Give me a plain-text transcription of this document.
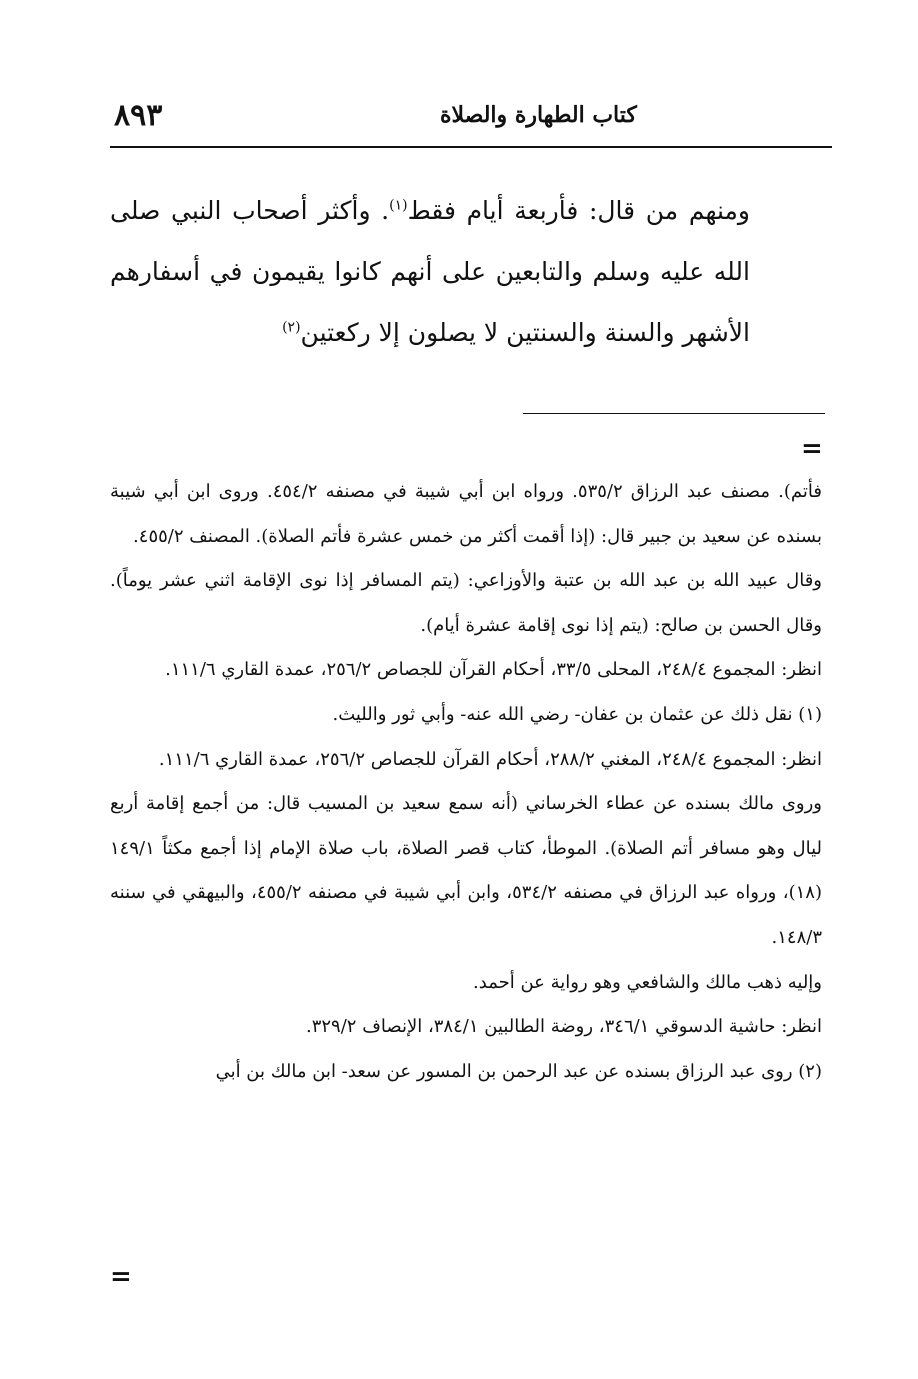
٨٩٣	كتاب الطهارة والصلاة

ومنهم من قال: فأربعة أيام فقط$^{(١)}$. وأكثر أصحاب النبي صلى الله عليه وسلم والتابعين على أنهم كانوا يقيمون في أسفارهم الأشهر والسنة والسنتين لا يصلون إلا ركعتين$^{(٢)}$

=

فأتم). مصنف عبد الرزاق ٥٣٥/٢. ورواه ابن أبي شيبة في مصنفه ٤٥٤/٢. وروى ابن أبي شيبة بسنده عن سعيد بن جبير قال: (إذا أقمت أكثر من خمس عشرة فأتم الصلاة). المصنف ٤٥٥/٢.

وقال عبيد الله بن عبد الله بن عتبة والأوزاعي: (يتم المسافر إذا نوى الإقامة اثني عشر يوماً). وقال الحسن بن صالح: (يتم إذا نوى إقامة عشرة أيام).

انظر: المجموع ٢٤٨/٤، المحلى ٣٣/٥، أحكام القرآن للجصاص ٢٥٦/٢، عمدة القاري ١١١/٦.

(١) نقل ذلك عن عثمان بن عفان- رضي الله عنه- وأبي ثور والليث.

انظر: المجموع ٢٤٨/٤، المغني ٢٨٨/٢، أحكام القرآن للجصاص ٢٥٦/٢، عمدة القاري ١١١/٦.

وروى مالك بسنده عن عطاء الخرساني (أنه سمع سعيد بن المسيب قال: من أجمع إقامة أربع ليال وهو مسافر أتم الصلاة). الموطأ، كتاب قصر الصلاة، باب صلاة الإمام إذا أجمع مكثاً ١٤٩/١ (١٨)، ورواه عبد الرزاق في مصنفه ٥٣٤/٢، وابن أبي شيبة في مصنفه ٤٥٥/٢، والبيهقي في سننه ١٤٨/٣.

وإليه ذهب مالك والشافعي وهو رواية عن أحمد.

انظر: حاشية الدسوقي ٣٤٦/١، روضة الطالبين ٣٨٤/١، الإنصاف ٣٢٩/٢.

(٢) روى عبد الرزاق بسنده عن عبد الرحمن بن المسور عن سعد- ابن مالك بن أبي

=
